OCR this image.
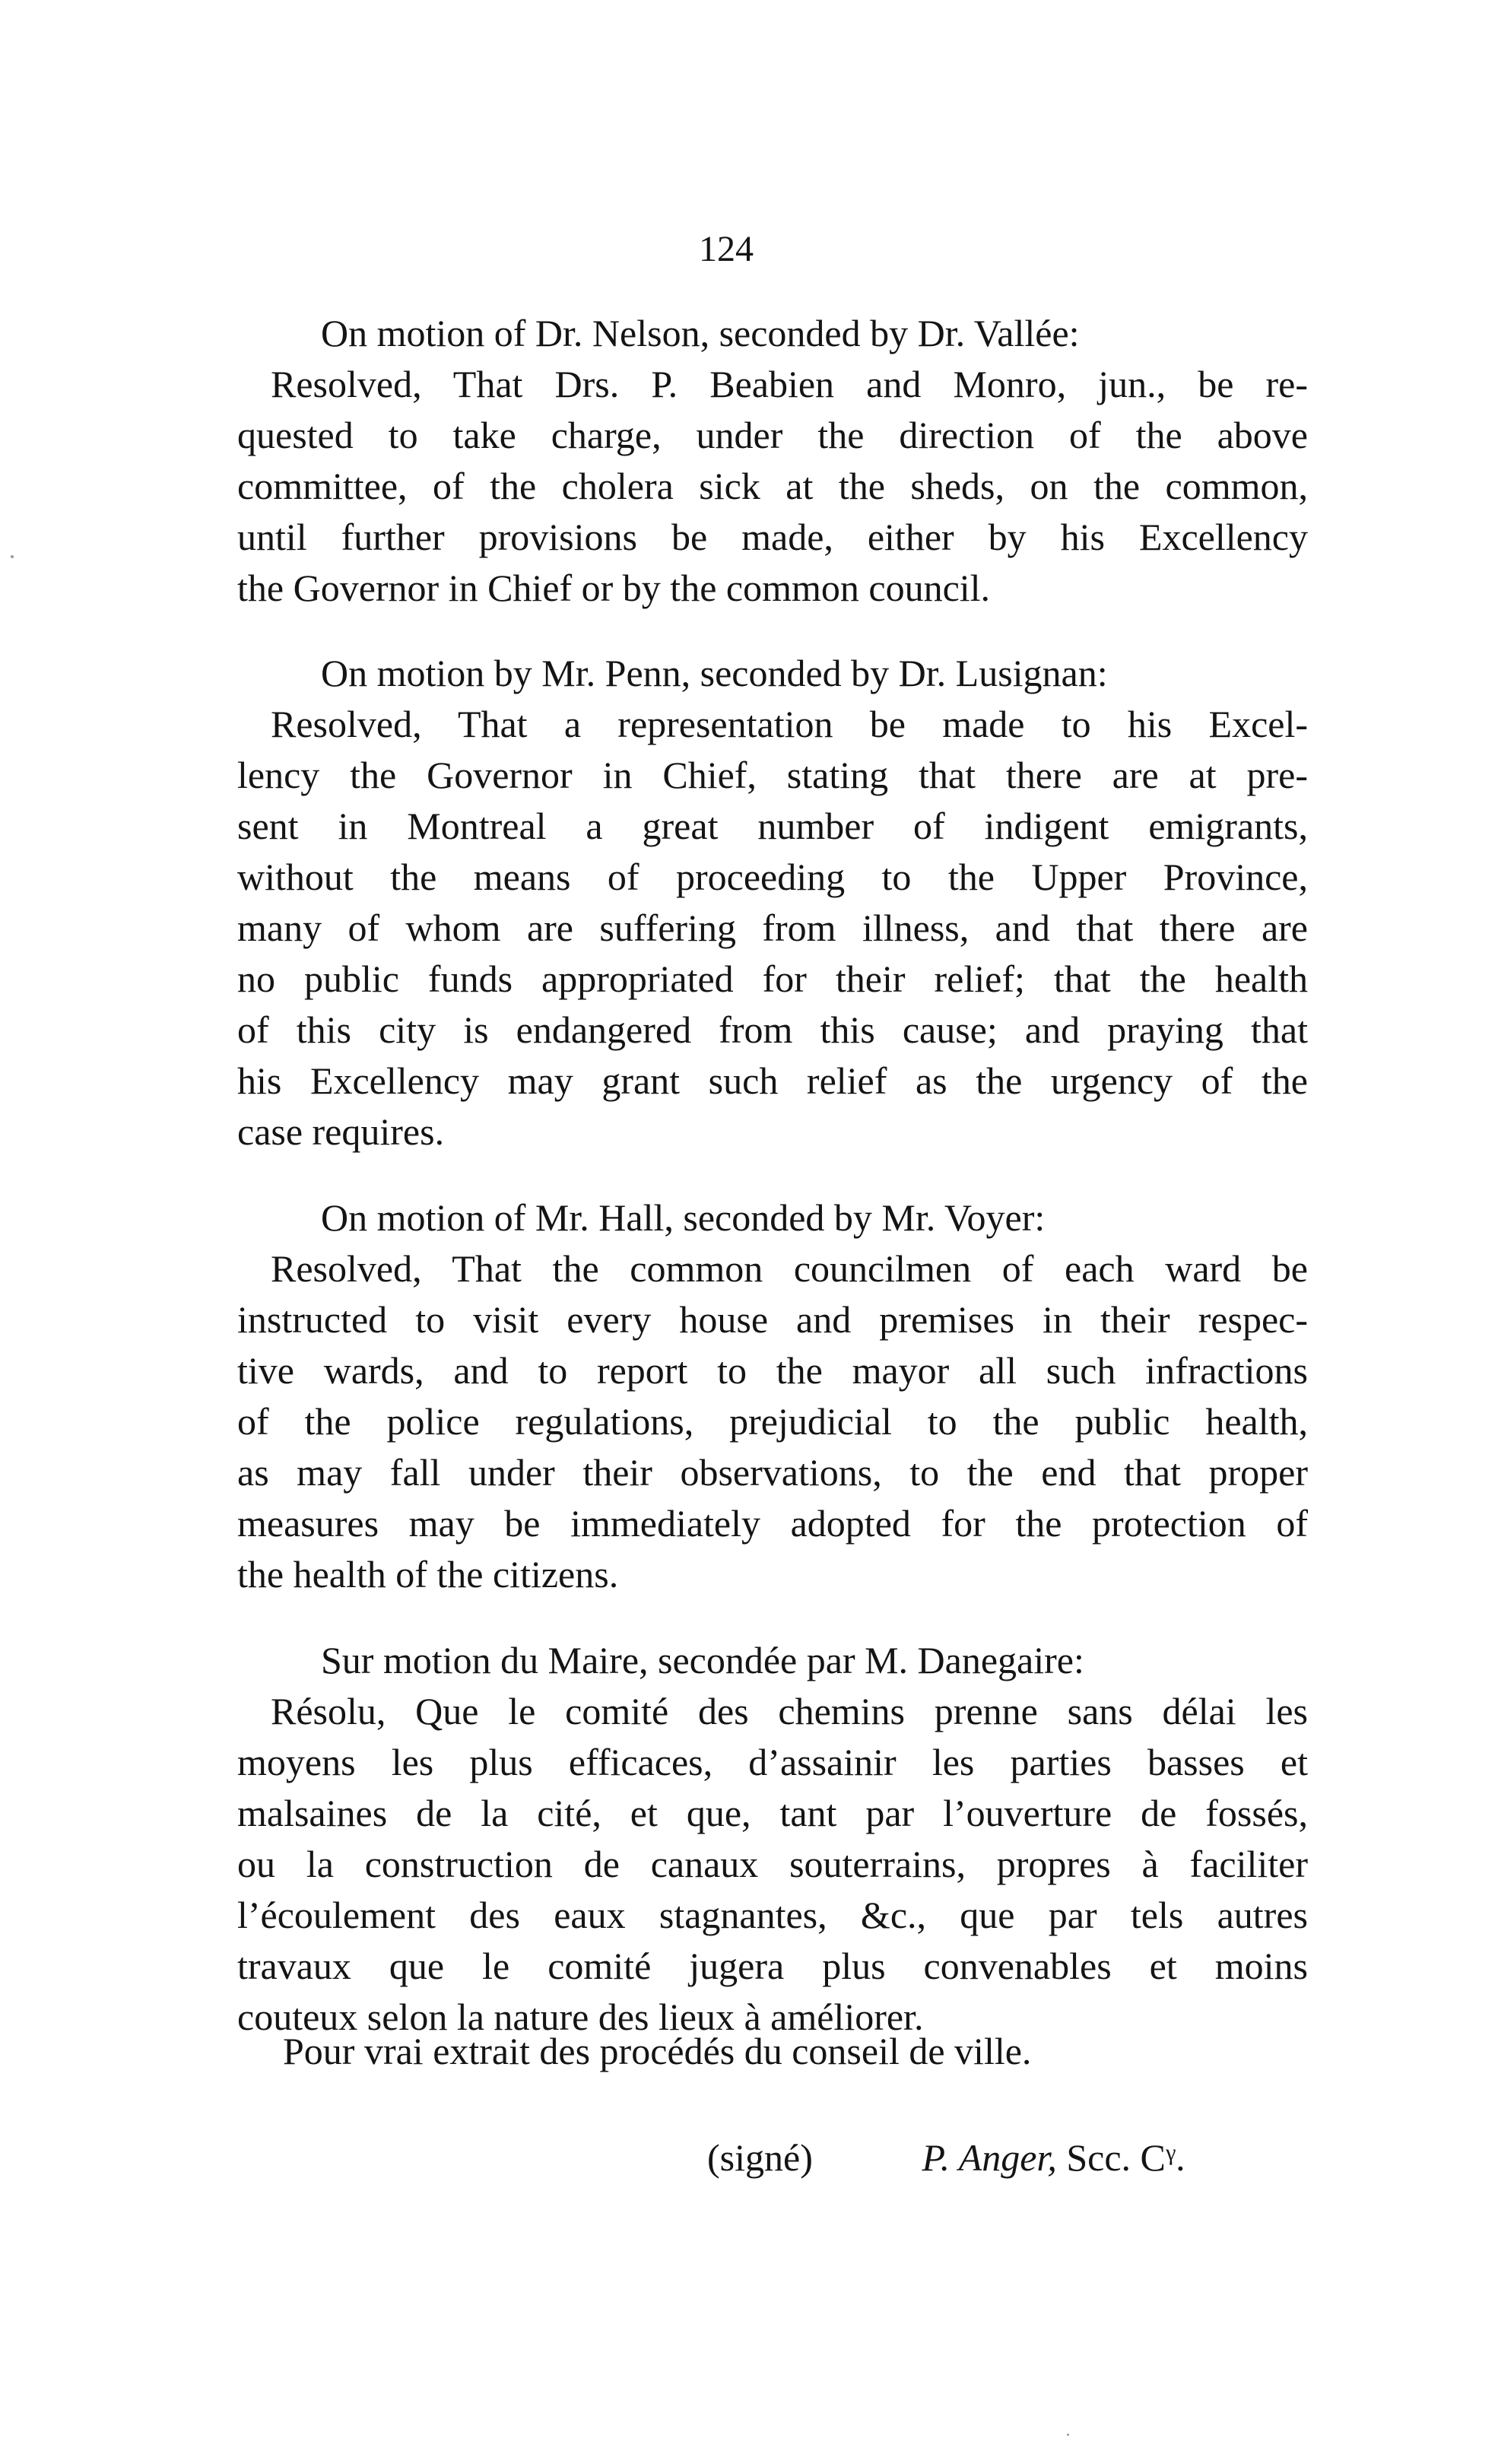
124
On motion of Dr. Nelson, seconded by Dr. Vallée:
Resolved, That Drs. P. Beabien and Monro, jun., be re-
quested to take charge, under the direction of the above
committee, of the cholera sick at the sheds, on the common,
until further provisions be made, either by his Excellency
the Governor in Chief or by the common council.
On motion by Mr. Penn, seconded by Dr. Lusignan:
Resolved, That a representation be made to his Excel-
lency the Governor in Chief, stating that there are at pre-
sent in Montreal a great number of indigent emigrants,
without the means of proceeding to the Upper Province,
many of whom are suffering from illness, and that there are
no public funds appropriated for their relief; that the health
of this city is endangered from this cause; and praying that
his Excellency may grant such relief as the urgency of the
case requires.
On motion of Mr. Hall, seconded by Mr. Voyer:
Resolved, That the common councilmen of each ward be
instructed to visit every house and premises in their respec-
tive wards, and to report to the mayor all such infractions
of the police regulations, prejudicial to the public health,
as may fall under their observations, to the end that proper
measures may be immediately adopted for the protection of
the health of the citizens.
Sur motion du Maire, secondée par M. Danegaire:
Résolu, Que le comité des chemins prenne sans délai les
moyens les plus efficaces, d’assainir les parties basses et
malsaines de la cité, et que, tant par l’ouverture de fossés,
ou la construction de canaux souterrains, propres à faciliter
l’écoulement des eaux stagnantes, &c., que par tels autres
travaux que le comité jugera plus convenables et moins
couteux selon la nature des lieux à améliorer.
Pour vrai extrait des procédés du conseil de ville.
(signé)	P. Anger, Scc. Cᵞ.
